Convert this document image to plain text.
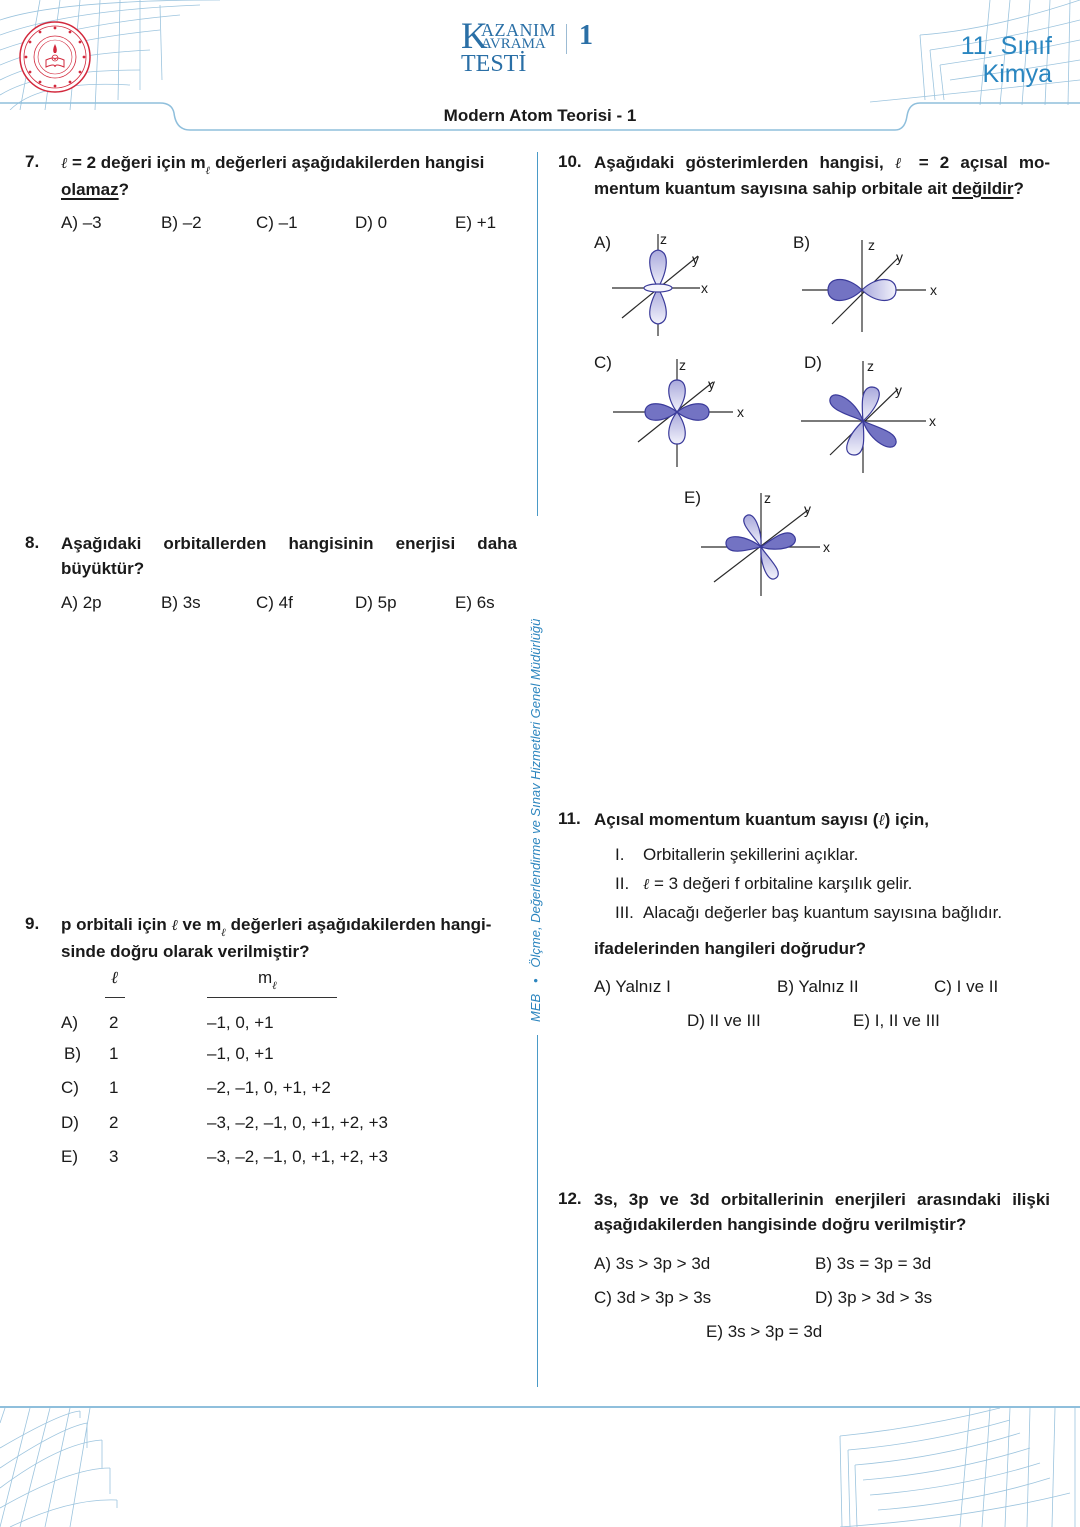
K
AZANIM
AVRAMA
TESTİ
1	11. Sınıf
Kimya
Modern Atom Teorisi - 1
MEB   •   Ölçme, Değerlendirme ve Sınav Hizmetleri Genel Müdürlüğü
7. ℓ = 2 değeri için $m_\ell$ değerleri aşağıdakilerden hangisi
olamaz?
A) –3	B) –2	C) –1	D) 0	E) +1
8. Aşağıdaki orbitallerden hangisinin enerjisi daha
büyüktür?
A) 2p	B) 3s	C) 4f	D) 5p	E) 6s
9. p orbitali için ℓ ve $m_\ell$ değerleri aşağıdakilerden hangi-
sinde doğru olarak verilmiştir?
ℓ	$m_\ell$
A) 2	–1, 0, +1
B) 1	–1, 0, +1
C) 1	–2, –1, 0, +1, +2
D) 2	–3, –2, –1, 0, +1, +2, +3
E) 3	–3, –2, –1, 0, +1, +2, +3
10. Aşağıdaki gösterimlerden hangisi, ℓ = 2 açısal mo-
mentum kuantum sayısına sahip orbitale ait değildir?
A)	z
y
x
B)	z
y
x
C)	z
y
x
D)	z
y
x
E)	z
y
x
11. Açısal momentum kuantum sayısı (ℓ) için,
I. Orbitallerin şekillerini açıklar.
II. ℓ = 3 değeri f orbitaline karşılık gelir.
III. Alacağı değerler baş kuantum sayısına bağlıdır.
ifadelerinden hangileri doğrudur?
A) Yalnız I	B) Yalnız II	C) I ve II
D) II ve III	E) I, II ve III
12. 3s, 3p ve 3d orbitallerinin enerjileri arasındaki ilişki
aşağıdakilerden hangisinde doğru verilmiştir?
A) 3s > 3p > 3d	B) 3s = 3p = 3d
C) 3d > 3p > 3s	D) 3p > 3d > 3s
E) 3s > 3p = 3d
